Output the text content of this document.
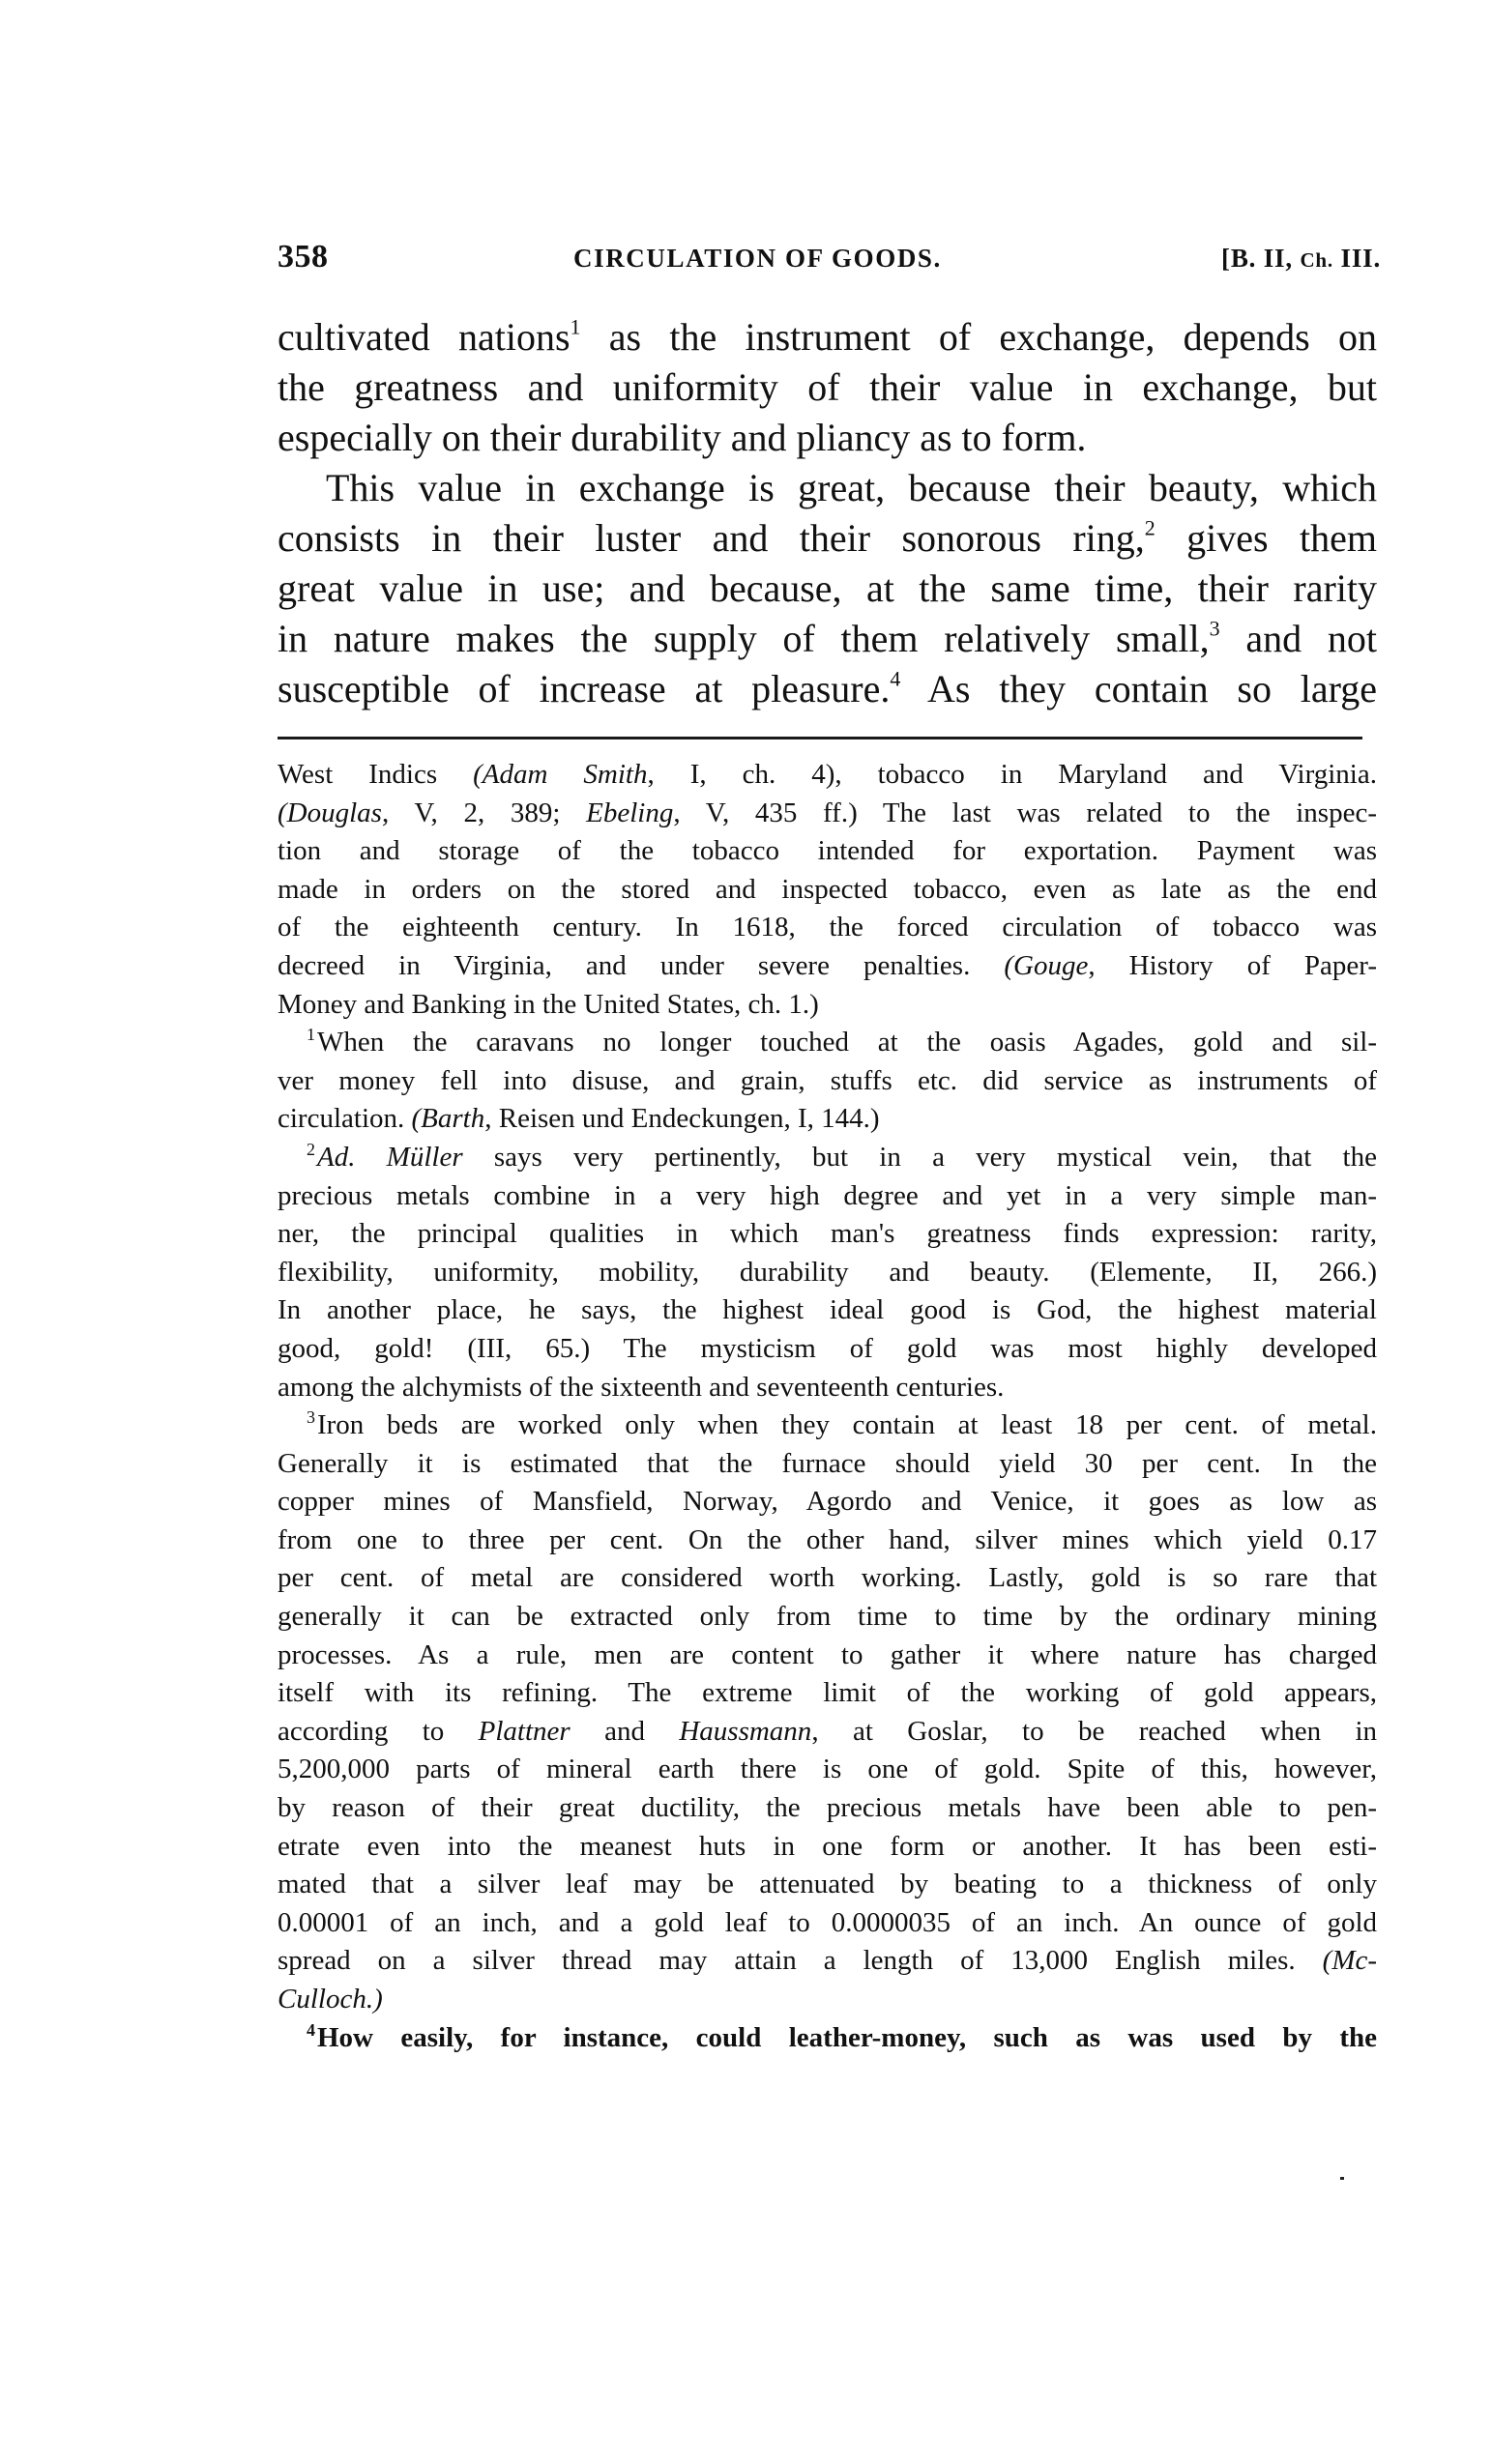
358	CIRCULATION OF GOODS.	[B. II, Ch. III.
cultivated nations$^1$ as the instrument of exchange, depends on
the greatness and uniformity of their value in exchange, but
especially on their durability and pliancy as to form.
This value in exchange is great, because their beauty, which
consists in their luster and their sonorous ring,$^2$ gives them
great value in use; and because, at the same time, their rarity
in nature makes the supply of them relatively small,$^3$ and not
susceptible of increase at pleasure.$^4$ As they contain so large
West Indics (Adam Smith, I, ch. 4), tobacco in Maryland and Virginia.
(Douglas, V, 2, 389; Ebeling, V, 435 ff.) The last was related to the inspec-
tion and storage of the tobacco intended for exportation. Payment was
made in orders on the stored and inspected tobacco, even as late as the end
of the eighteenth century. In 1618, the forced circulation of tobacco was
decreed in Virginia, and under severe penalties. (Gouge, History of Paper-
Money and Banking in the United States, ch. 1.)
$^1$When the caravans no longer touched at the oasis Agades, gold and sil-
ver money fell into disuse, and grain, stuffs etc. did service as instruments of
circulation. (Barth, Reisen und Endeckungen, I, 144.)
$^2$Ad. Müller says very pertinently, but in a very mystical vein, that the
precious metals combine in a very high degree and yet in a very simple man-
ner, the principal qualities in which man's greatness finds expression: rarity,
flexibility, uniformity, mobility, durability and beauty. (Elemente, II, 266.)
In another place, he says, the highest ideal good is God, the highest material
good, gold! (III, 65.) The mysticism of gold was most highly developed
among the alchymists of the sixteenth and seventeenth centuries.
$^3$Iron beds are worked only when they contain at least 18 per cent. of metal.
Generally it is estimated that the furnace should yield 30 per cent. In the
copper mines of Mansfield, Norway, Agordo and Venice, it goes as low as
from one to three per cent. On the other hand, silver mines which yield 0.17
per cent. of metal are considered worth working. Lastly, gold is so rare that
generally it can be extracted only from time to time by the ordinary mining
processes. As a rule, men are content to gather it where nature has charged
itself with its refining. The extreme limit of the working of gold appears,
according to Plattner and Haussmann, at Goslar, to be reached when in
5,200,000 parts of mineral earth there is one of gold. Spite of this, however,
by reason of their great ductility, the precious metals have been able to pen-
etrate even into the meanest huts in one form or another. It has been esti-
mated that a silver leaf may be attenuated by beating to a thickness of only
0.00001 of an inch, and a gold leaf to 0.0000035 of an inch. An ounce of gold
spread on a silver thread may attain a length of 13,000 English miles. (Mc-
Culloch.)
$^4$How easily, for instance, could leather-money, such as was used by the
